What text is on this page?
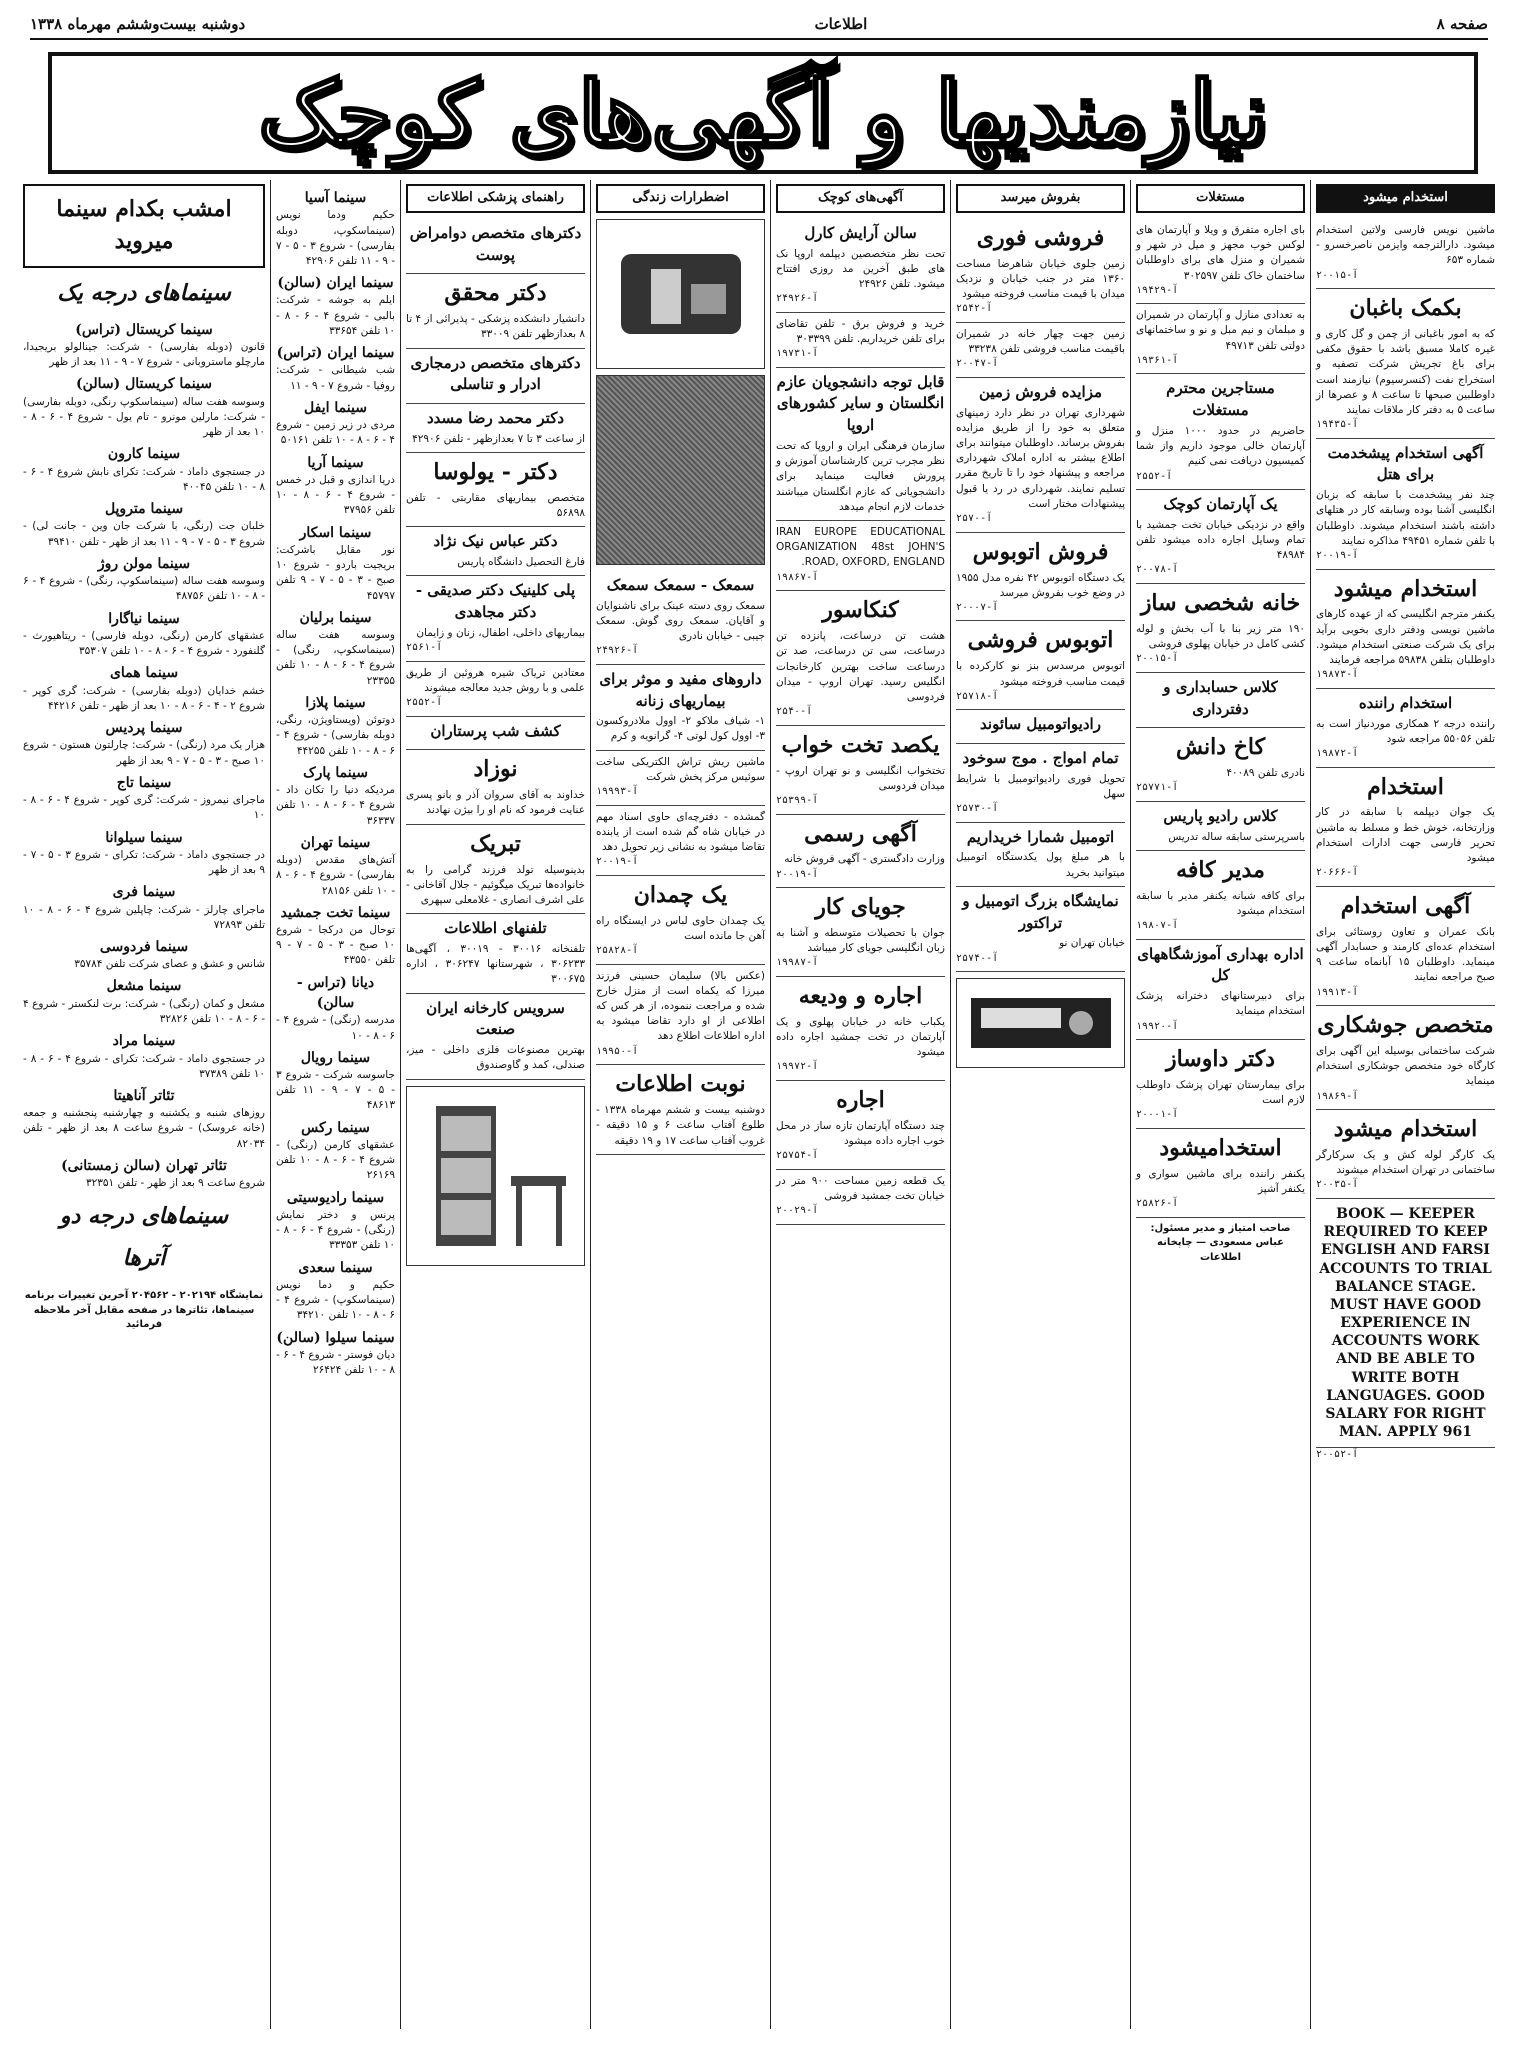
صفحه ۸
اطلاعات
دوشنبه بیست‌وششم مهرماه ۱۳۳۸
نیازمندیها و آگهی‌های کوچک
استخدام میشود
ماشین نویس فارسی ولاتین استخدام میشود. دارالترجمه وایزمن ناصرخسرو - شماره ۶۵۳
آ-۲۰۰۱۵
بکمک باغبان
که به امور باغبانی از چمن و گل کاری و غیره کاملا مسبق باشد با حقوق مکفی برای باغ تجریش شرکت تصفیه و استخراج نفت (کنسرسیوم) نیازمند است داوطلبین صبحها تا ساعت ۸ و عصرها از ساعت ۵ به دفتر کار ملاقات نمایند
آ-۱۹۴۳۵
آگهی استخدام پیشخدمت برای هتل
چند نفر پیشخدمت با سابقه که بزبان انگلیسی آشنا بوده وسابقه کار در هتلهای داشته باشند استخدام میشوند. داوطلبان با تلفن شماره ۴۹۴۵۱ مذاکره نمایند
آ-۲۰۰۱۹
استخدام میشود
یکنفر مترجم انگلیسی که از عهده کارهای ماشین نویسی ودفتر داری بخوبی برآید برای یک شرکت صنعتی استخدام میشود. داوطلبان بتلفن ۵۹۸۳۸ مراجعه فرمایند
آ-۱۹۸۷۳
استخدام راننده
راننده درجه ۲ همکاری موردنیاز است به تلفن ۵۵۰۵۶ مراجعه شود
آ-۱۹۸۷۲
استخدام
یک جوان دیپلمه با سابقه در کار وزارتخانه، خوش خط و مسلط به ماشین تحریر فارسی جهت ادارات استخدام میشود
آ-۲۰۶۶۶
آگهی استخدام
بانک عمران و تعاون روستائی برای استخدام عده‌ای کارمند و حسابدار آگهی مینماید. داوطلبان ۱۵ آبانماه ساعت ۹ صبح مراجعه نمایند
آ-۱۹۹۱۳
متخصص جوشکاری
شرکت ساختمانی بوسیله این آگهی برای کارگاه خود متخصص جوشکاری استخدام مینماید
آ-۱۹۸۶۹
استخدام میشود
یک کارگر لوله کش و یک سرکارگر ساختمانی در تهران استخدام میشوند
آ-۲۰۰۳۵
BOOK — KEEPER REQUIRED TO KEEP ENGLISH AND FARSI ACCOUNTS TO TRIAL BALANCE STAGE. MUST HAVE GOOD EXPERIENCE IN ACCOUNTS WORK AND BE ABLE TO WRITE BOTH LANGUAGES. GOOD SALARY FOR RIGHT MAN. APPLY 961
آ-۲۰۰۵۲
مستغلات
بای اجاره متفرق و ویلا و آپارتمان های لوکس خوب مجهز و میل در شهر و شمیران و منزل های برای داوطلبان ساختمان خاک تلفن ۳۰۲۵۹۷
آ-۱۹۴۲۹
به تعدادی منازل و آپارتمان در شمیران و مبلمان و نیم مبل و نو و ساختمانهای دولتی تلفن ۴۹۷۱۳
آ-۱۹۳۶۱
مستاجرین محترم مستغلات
حاضریم در حدود ۱۰۰۰ منزل و آپارتمان خالی موجود داریم واز شما کمیسیون دریافت نمی کنیم
آ-۲۵۵۲
یک آپارتمان کوچک
واقع در نزدیکی خیابان تخت جمشید با تمام وسایل اجاره داده میشود تلفن ۴۸۹۸۴
آ-۲۰۰۷۸
خانه شخصی ساز
۱۹۰ متر زیر بنا با آب بخش و لوله کشی کامل در خیابان پهلوی فروشی
آ-۲۰۰۱۵
کلاس حسابداری و دفترداری
کاخ دانش
نادری تلفن ۴۰۰۸۹
آ-۲۵۷۷۱
کلاس رادیو پاریس
باسرپرستی سابقه ساله تدریس
مدیر کافه
برای کافه شبانه یکنفر مدیر با سابقه استخدام میشود
آ-۱۹۸۰۷
اداره بهداری آموزشگاههای کل
برای دبیرستانهای دخترانه پزشک استخدام مینماید
آ-۱۹۹۲۰
دکتر داوساز
برای بیمارستان تهران پزشک داوطلب لازم است
آ-۲۰۰۰۱
استخدامیشود
یکنفر راننده برای ماشین سواری و یکنفر آشپز
آ-۲۵۸۲۶
صاحب امتیاز و مدیر مسئول: عباس مسعودی — چاپخانه اطلاعات
بفروش میرسد
فروشی فوری
زمین جلوی خیابان شاهرضا مساحت ۱۳۶۰ متر در جنب خیابان و نزدیک میدان با قیمت مناسب فروخته میشود
آ-۲۵۴۲
زمین جهت چهار خانه در شمیران باقیمت مناسب فروشی تلفن ۳۳۲۳۸
آ-۲۰۰۴۷
مزایده فروش زمین
شهرداری تهران در نظر دارد زمینهای متعلق به خود را از طریق مزایده بفروش برساند. داوطلبان میتوانند برای اطلاع بیشتر به اداره املاک شهرداری مراجعه و پیشنهاد خود را تا تاریخ مقرر تسلیم نمایند. شهرداری در رد یا قبول پیشنهادات مختار است
آ-۲۵۷۰
فروش اتوبوس
یک دستگاه اتوبوس ۴۲ نفره مدل ۱۹۵۵ در وضع خوب بفروش میرسد
آ-۲۰۰۰۷
اتوبوس فروشی
اتوبوس مرسدس بنز نو کارکرده با قیمت مناسب فروخته میشود
آ-۲۵۷۱۸
رادیواتومبیل سائوند
تمام امواج . موج سوخود
تحویل فوری رادیواتومبیل با شرایط سهل
آ-۲۵۷۳۰
اتومبیل شمارا خریداریم
با هر مبلغ پول یکدستگاه اتومبیل میتوانید بخرید
نمایشگاه بزرگ اتومبیل و تراکتور
خیابان تهران نو
آ-۲۵۷۴۰
آگهی‌های کوچک
سالن آرایش کارل
تحت نظر متخصصین دیپلمه اروپا نک های طبق آخرین مد روزی افتتاح میشود. تلفن ۲۴۹۲۶
آ-۲۴۹۲۶
خرید و فروش برق - تلفن تقاضای برای تلفن خریداریم. تلفن ۳۰۳۳۹۹
آ-۱۹۷۳۱
قابل توجه دانشجویان عازم انگلستان و سایر کشورهای اروپا
سازمان فرهنگی ایران و اروپا که تحت نظر مجرب ترین کارشناسان آموزش و پرورش فعالیت مینماید برای دانشجویانی که عازم انگلستان میباشند خدمات لازم انجام میدهد
IRAN EUROPE EDUCATIONAL ORGANIZATION 48st JOHN'S ROAD, OXFORD, ENGLAND.
آ-۱۹۸۶۷
کنکاسور
هشت تن درساعت، پانزده تن درساعت، سی تن درساعت، صد تن درساعت ساخت بهترین کارخانجات انگلیس رسید. تهران اروپ - میدان فردوسی
آ-۲۵۴۰
یکصد تخت خواب
تختخواب انگلیسی و نو تهران اروپ - میدان فردوسی
آ-۲۵۳۹۹
آگهی رسمی
وزارت دادگستری - آگهی فروش خانه
آ-۲۰۰۱۹
جویای کار
جوان با تحصیلات متوسطه و آشنا به زبان انگلیسی جویای کار میباشد
آ-۱۹۹۸۷
اجاره و ودیعه
یکباب خانه در خیابان پهلوی و یک آپارتمان در تخت جمشید اجاره داده میشود
آ-۱۹۹۷۲
اجاره
چند دستگاه آپارتمان تازه ساز در محل خوب اجاره داده میشود
آ-۲۵۷۵۴
یک قطعه زمین مساحت ۹۰۰ متر در خیابان تخت جمشید فروشی
آ-۲۰۰۲۹
اضطرارات زندگی
سمعک - سمعک سمعک
سمعک روی دسته عینک برای ناشنوایان و آقایان. سمعک روی گوش. سمعک جیبی - خیابان نادری
آ-۲۴۹۲۶
داروهای مفید و موثر برای بیماریهای زنانه
۱- شیاف ملاکو ۲- اوول ملادروکسون ۳- اوول کول لوتی ۴- گرانویه و کرم
ماشین ریش تراش الکتریکی ساخت سوئیس مرکز پخش شرکت
آ-۱۹۹۹۳
گمشده - دفترچه‌ای حاوی اسناد مهم در خیابان شاه گم شده است از یابنده تقاضا میشود به نشانی زیر تحویل دهد
آ-۲۰۰۱۹
یک چمدان
یک چمدان حاوی لباس در ایستگاه راه آهن جا مانده است
آ-۲۵۸۲۸
(عکس بالا) سلیمان حسینی فرزند میرزا که یکماه است از منزل خارج شده و مراجعت ننموده، از هر کس که اطلاعی از او دارد تقاضا میشود به اداره اطلاعات اطلاع دهد
آ-۱۹۹۵۰
نوبت اطلاعات
دوشنبه بیست و ششم مهرماه ۱۳۳۸ - طلوع آفتاب ساعت ۶ و ۱۵ دقیقه - غروب آفتاب ساعت ۱۷ و ۱۹ دقیقه
راهنمای پزشکی اطلاعات
دکترهای متخصص دوامراض پوست
دکتر محقق
دانشیار دانشکده پزشکی - پذیرائی از ۴ تا ۸ بعدازظهر تلفن ۳۳۰۰۹
دکترهای متخصص درمجاری ادرار و تناسلی
دکتر محمد رضا مسدد
از ساعت ۳ تا ۷ بعدازظهر - تلفن ۴۲۹۰۶
دکتر - یولوسا
متخصص بیماریهای مقاربتی - تلفن ۵۶۸۹۸
دکتر عباس نیک نژاد
فارغ التحصیل دانشگاه پاریس
پلی کلینیک دکتر صدیقی - دکتر مجاهدی
بیماریهای داخلی، اطفال، زنان و زایمان
آ-۲۵۶۱
معتادین تریاک شیره هروئین از طریق علمی و با روش جدید معالجه میشوند
آ-۲۵۵۲
کشف شب پرستاران
نوزاد
خداوند به آقای سروان آذر و بانو پسری عنایت فرمود که نام او را بیژن نهادند
تبریک
بدینوسیله تولد فرزند گرامی را به خانواده‌ها تبریک میگوئیم - جلال آقاخانی - علی اشرف انصاری - غلامعلی سپهری
تلفنهای اطلاعات
تلفنخانه ۳۰۰۱۶ - ۳۰۰۱۹ ، آگهی‌ها ۳۰۶۲۳۳ ، شهرستانها ۳۰۶۲۴۷ ، اداره ۳۰۰۶۷۵
سرویس کارخانه ایران صنعت
بهترین مصنوعات فلزی داخلی - میز، صندلی، کمد و گاوصندوق
سینما آسیا
حکیم ودما نویس (سینماسکوپ، دوبله بفارسی) - شروع ۳ - ۵ - ۷ - ۹ - ۱۱ تلفن ۴۲۹۰۶
سینما ایران (سالن)
ایلم به جوشه - شرکت: بالبی - شروع ۴ - ۶ - ۸ - ۱۰ تلفن ۳۳۶۵۴
سینما ایران (تراس)
شب شیطانی - شرکت: روفیا - شروع ۷ - ۹ - ۱۱
سینما ایفل
مردی در زیر زمین - شروع ۴ - ۶ - ۸ - ۱۰ تلفن ۵۰۱۶۱
سینما آریا
دریا اندازی و قبل در خمس - شروع ۴ - ۶ - ۸ - ۱۰ تلفن ۳۷۹۵۶
سینما اسکار
نور مقابل باشرکت: بریجیت باردو - شروع ۱۰ صبح - ۳ - ۵ - ۷ - ۹ تلفن ۴۵۷۹۷
سینما برلیان
وسوسه هفت ساله (سینماسکوپ، رنگی) - شروع ۴ - ۶ - ۸ - ۱۰ تلفن ۲۳۳۵۵
سینما پلازا
دوتوئن (ویستاویژن، رنگی، دوبله بفارسی) - شروع ۴ - ۶ - ۸ - ۱۰ تلفن ۴۴۲۵۵
سینما پارک
مردیکه دنیا را تکان داد - شروع ۴ - ۶ - ۸ - ۱۰ تلفن ۳۶۳۳۷
سینما تهران
آتش‌های مقدس (دوبله بفارسی) - شروع ۴ - ۶ - ۸ - ۱۰ تلفن ۲۸۱۵۶
سینما تخت جمشید
توحال من درکجا - شروع ۱۰ صبح - ۳ - ۵ - ۷ - ۹ تلفن ۴۳۵۵۰
دیانا (تراس - سالن)
مدرسه (رنگی) - شروع ۴ - ۶ - ۸ - ۱۰
سینما رویال
جاسوسه شرکت - شروع ۳ - ۵ - ۷ - ۹ - ۱۱ تلفن ۴۸۶۱۳
سینما رکس
عشقهای کارمن (رنگی) - شروع ۴ - ۶ - ۸ - ۱۰ تلفن ۲۶۱۶۹
سینما رادیوسیتی
پرنس و دختر نمایش (رنگی) - شروع ۴ - ۶ - ۸ - ۱۰ تلفن ۳۳۳۵۳
سینما سعدی
حکیم و دما نویس (سینماسکوپ) - شروع ۴ - ۶ - ۸ - ۱۰ تلفن ۳۴۲۱۰
سینما سیلوا (سالن)
دیان فوستر - شروع ۴ - ۶ - ۸ - ۱۰ تلفن ۲۶۴۲۴
امشب بکدام سینما میروید
سینماهای درجه یک
سینما کریستال (تراس)
قانون (دوبله بفارسی) - شرکت: جینالولو بریجیدا، مارچلو ماستروبانی - شروع ۷ - ۹ - ۱۱ بعد از ظهر
سینما کریستال (سالن)
وسوسه هفت ساله (سینماسکوپ رنگی، دوبله بفارسی) - شرکت: مارلین مونرو - تام یول - شروع ۴ - ۶ - ۸ - ۱۰ بعد از ظهر
سینما کارون
در جستجوی داماد - شرکت: تکرای نابش شروع ۴ - ۶ - ۸ - ۱۰ تلفن ۴۰۰۴۵
سینما متروپل
خلبان جت (رنگی، با شرکت جان وین - جانت لی) - شروع ۳ - ۵ - ۷ - ۹ - ۱۱ بعد از ظهر - تلفن ۳۹۴۱۰
سینما مولن روژ
وسوسه هفت ساله (سینماسکوپ، رنگی) - شروع ۴ - ۶ - ۸ - ۱۰ تلفن ۴۸۷۵۶
سینما نیاگارا
عشقهای کارمن (رنگی، دوبله فارسی) - ریتاهیورث - گلنفورد - شروع ۴ - ۶ - ۸ - ۱۰ تلفن ۳۵۳۰۷
سینما همای
خشم خدایان (دوبله بفارسی) - شرکت: گری کوپر - شروع ۲ - ۴ - ۶ - ۸ - ۱۰ بعد از ظهر - تلفن ۴۴۲۱۶
سینما پردیس
هزار یک مرد (رنگی) - شرکت: چارلتون هستون - شروع ۱۰ صبح - ۳ - ۵ - ۷ - ۹ بعد از ظهر
سینما تاج
ماجرای نیمروز - شرکت: گری کوپر - شروع ۴ - ۶ - ۸ - ۱۰
سینما سیلوانا
در جستجوی داماد - شرکت: تکرای - شروع ۳ - ۵ - ۷ - ۹ بعد از ظهر
سینما فری
ماجرای چارلز - شرکت: چاپلین شروع ۴ - ۶ - ۸ - ۱۰ تلفن ۷۲۸۹۳
سینما فردوسی
شانس و عشق و عصای شرکت تلفن ۳۵۷۸۴
سینما مشعل
مشعل و کمان (رنگی) - شرکت: برت لنکستر - شروع ۴ - ۶ - ۸ - ۱۰ تلفن ۳۲۸۲۶
سینما مراد
در جستجوی داماد - شرکت: تکرای - شروع ۴ - ۶ - ۸ - ۱۰ تلفن ۳۷۳۸۹
تئاتر آناهیتا
روزهای شنبه و یکشنبه و چهارشنبه پنجشنبه و جمعه (خانه عروسک) - شروع ساعت ۸ بعد از ظهر - تلفن ۸۲۰۳۴
تئاتر تهران (سالن زمستانی)
شروع ساعت ۹ بعد از ظهر - تلفن ۳۲۳۵۱
سینماهای درجه دو
آترها
نمایشگاه ۲۰۲۱۹۴ - ۲۰۴۵۶۲ آخرین تغییرات برنامه سینماها، تئاترها در صفحه مقابل آخر ملاحظه فرمائید
